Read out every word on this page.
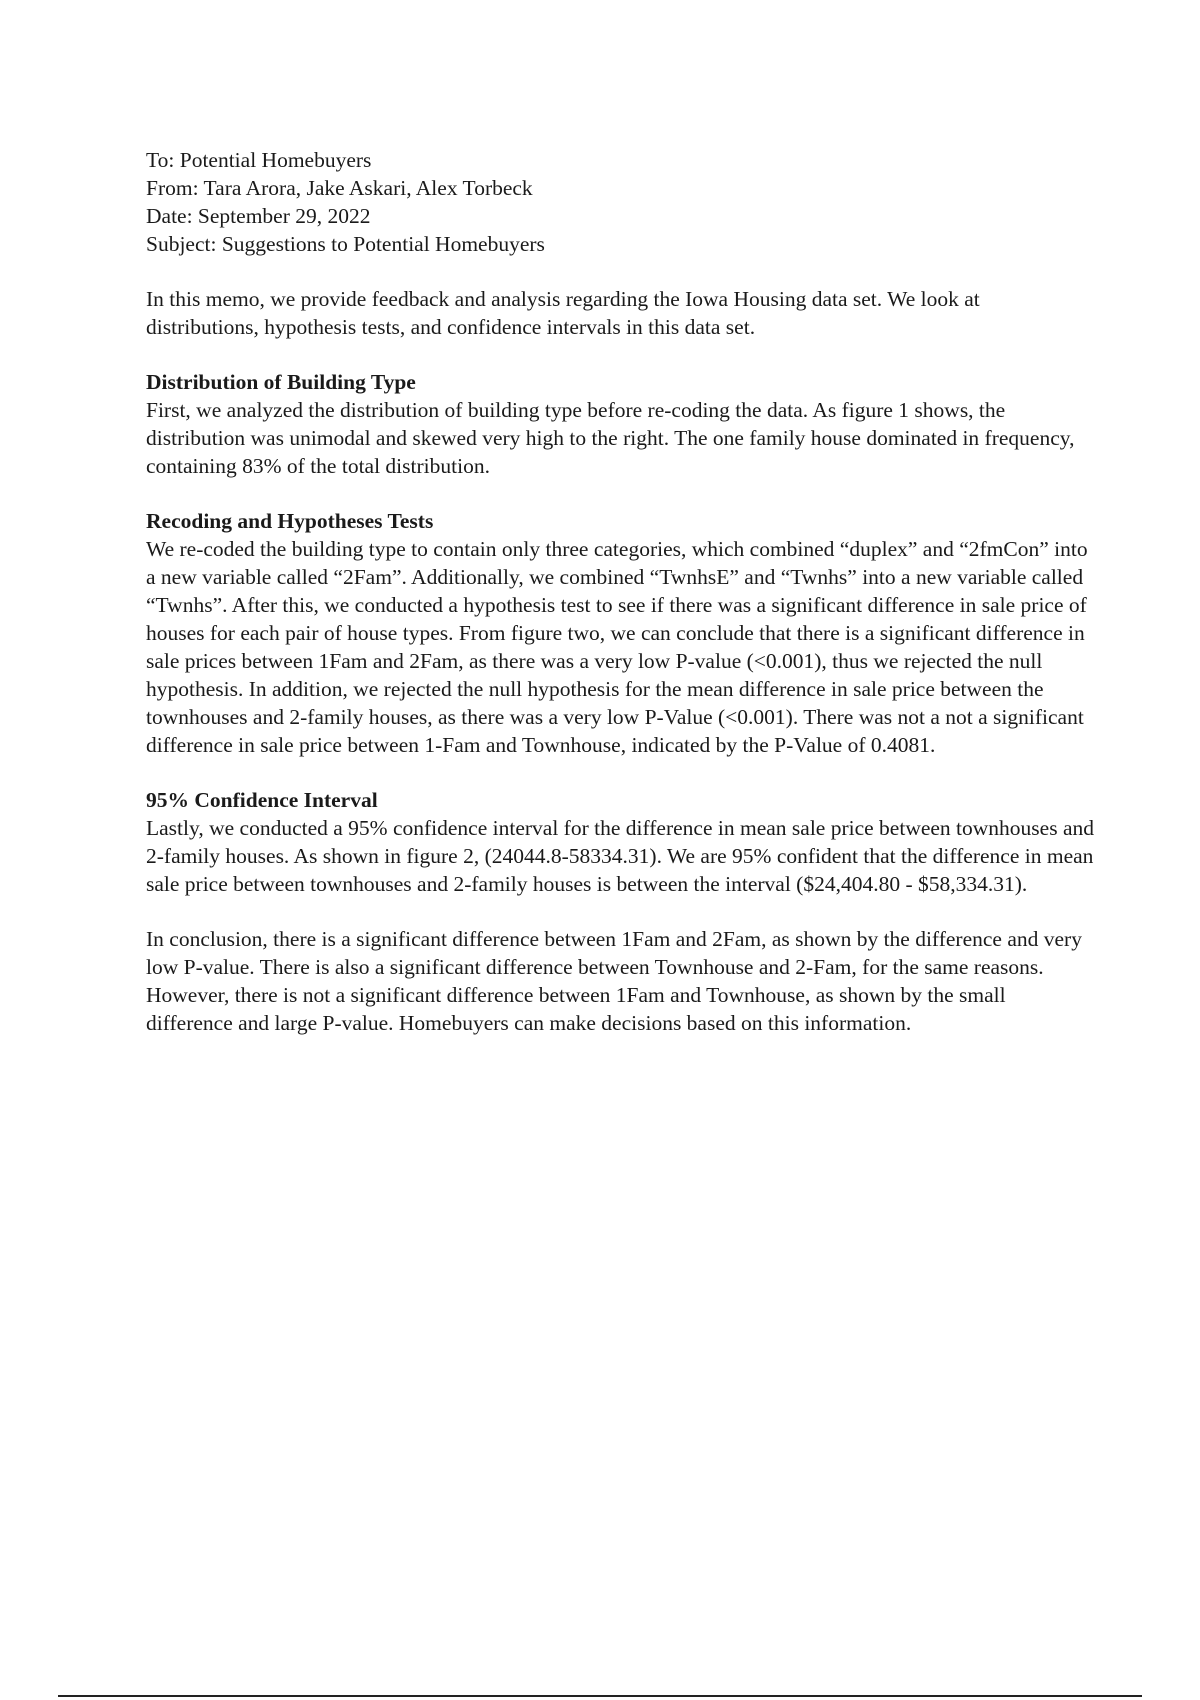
To: Potential Homebuyers
From: Tara Arora, Jake Askari, Alex Torbeck
Date: September 29, 2022
Subject: Suggestions to Potential Homebuyers

In this memo, we provide feedback and analysis regarding the Iowa Housing data set. We look at distributions, hypothesis tests, and confidence intervals in this data set.

Distribution of Building Type

First, we analyzed the distribution of building type before re-coding the data. As figure 1 shows, the distribution was unimodal and skewed very high to the right. The one family house dominated in frequency, containing 83% of the total distribution.

Recoding and Hypotheses Tests

We re-coded the building type to contain only three categories, which combined “duplex” and “2fmCon” into a new variable called “2Fam”. Additionally, we combined “TwnhsE” and “Twnhs” into a new variable called “Twnhs”. After this, we conducted a hypothesis test to see if there was a significant difference in sale price of houses for each pair of house types. From figure two, we can conclude that there is a significant difference in sale prices between 1Fam and 2Fam, as there was a very low P-value (<0.001), thus we rejected the null hypothesis. In addition, we rejected the null hypothesis for the mean difference in sale price between the townhouses and 2-family houses, as there was a very low P-Value (<0.001). There was not a not a significant difference in sale price between 1-Fam and Townhouse, indicated by the P-Value of 0.4081.

95% Confidence Interval

Lastly, we conducted a 95% confidence interval for the difference in mean sale price between townhouses and 2-family houses. As shown in figure 2, (24044.8-58334.31). We are 95% confident that the difference in mean sale price between townhouses and 2-family houses is between the interval ($24,404.80 - $58,334.31).

In conclusion, there is a significant difference between 1Fam and 2Fam, as shown by the difference and very low P-value. There is also a significant difference between Townhouse and 2-Fam, for the same reasons. However, there is not a significant difference between 1Fam and Townhouse, as shown by the small difference and large P-value. Homebuyers can make decisions based on this information.
